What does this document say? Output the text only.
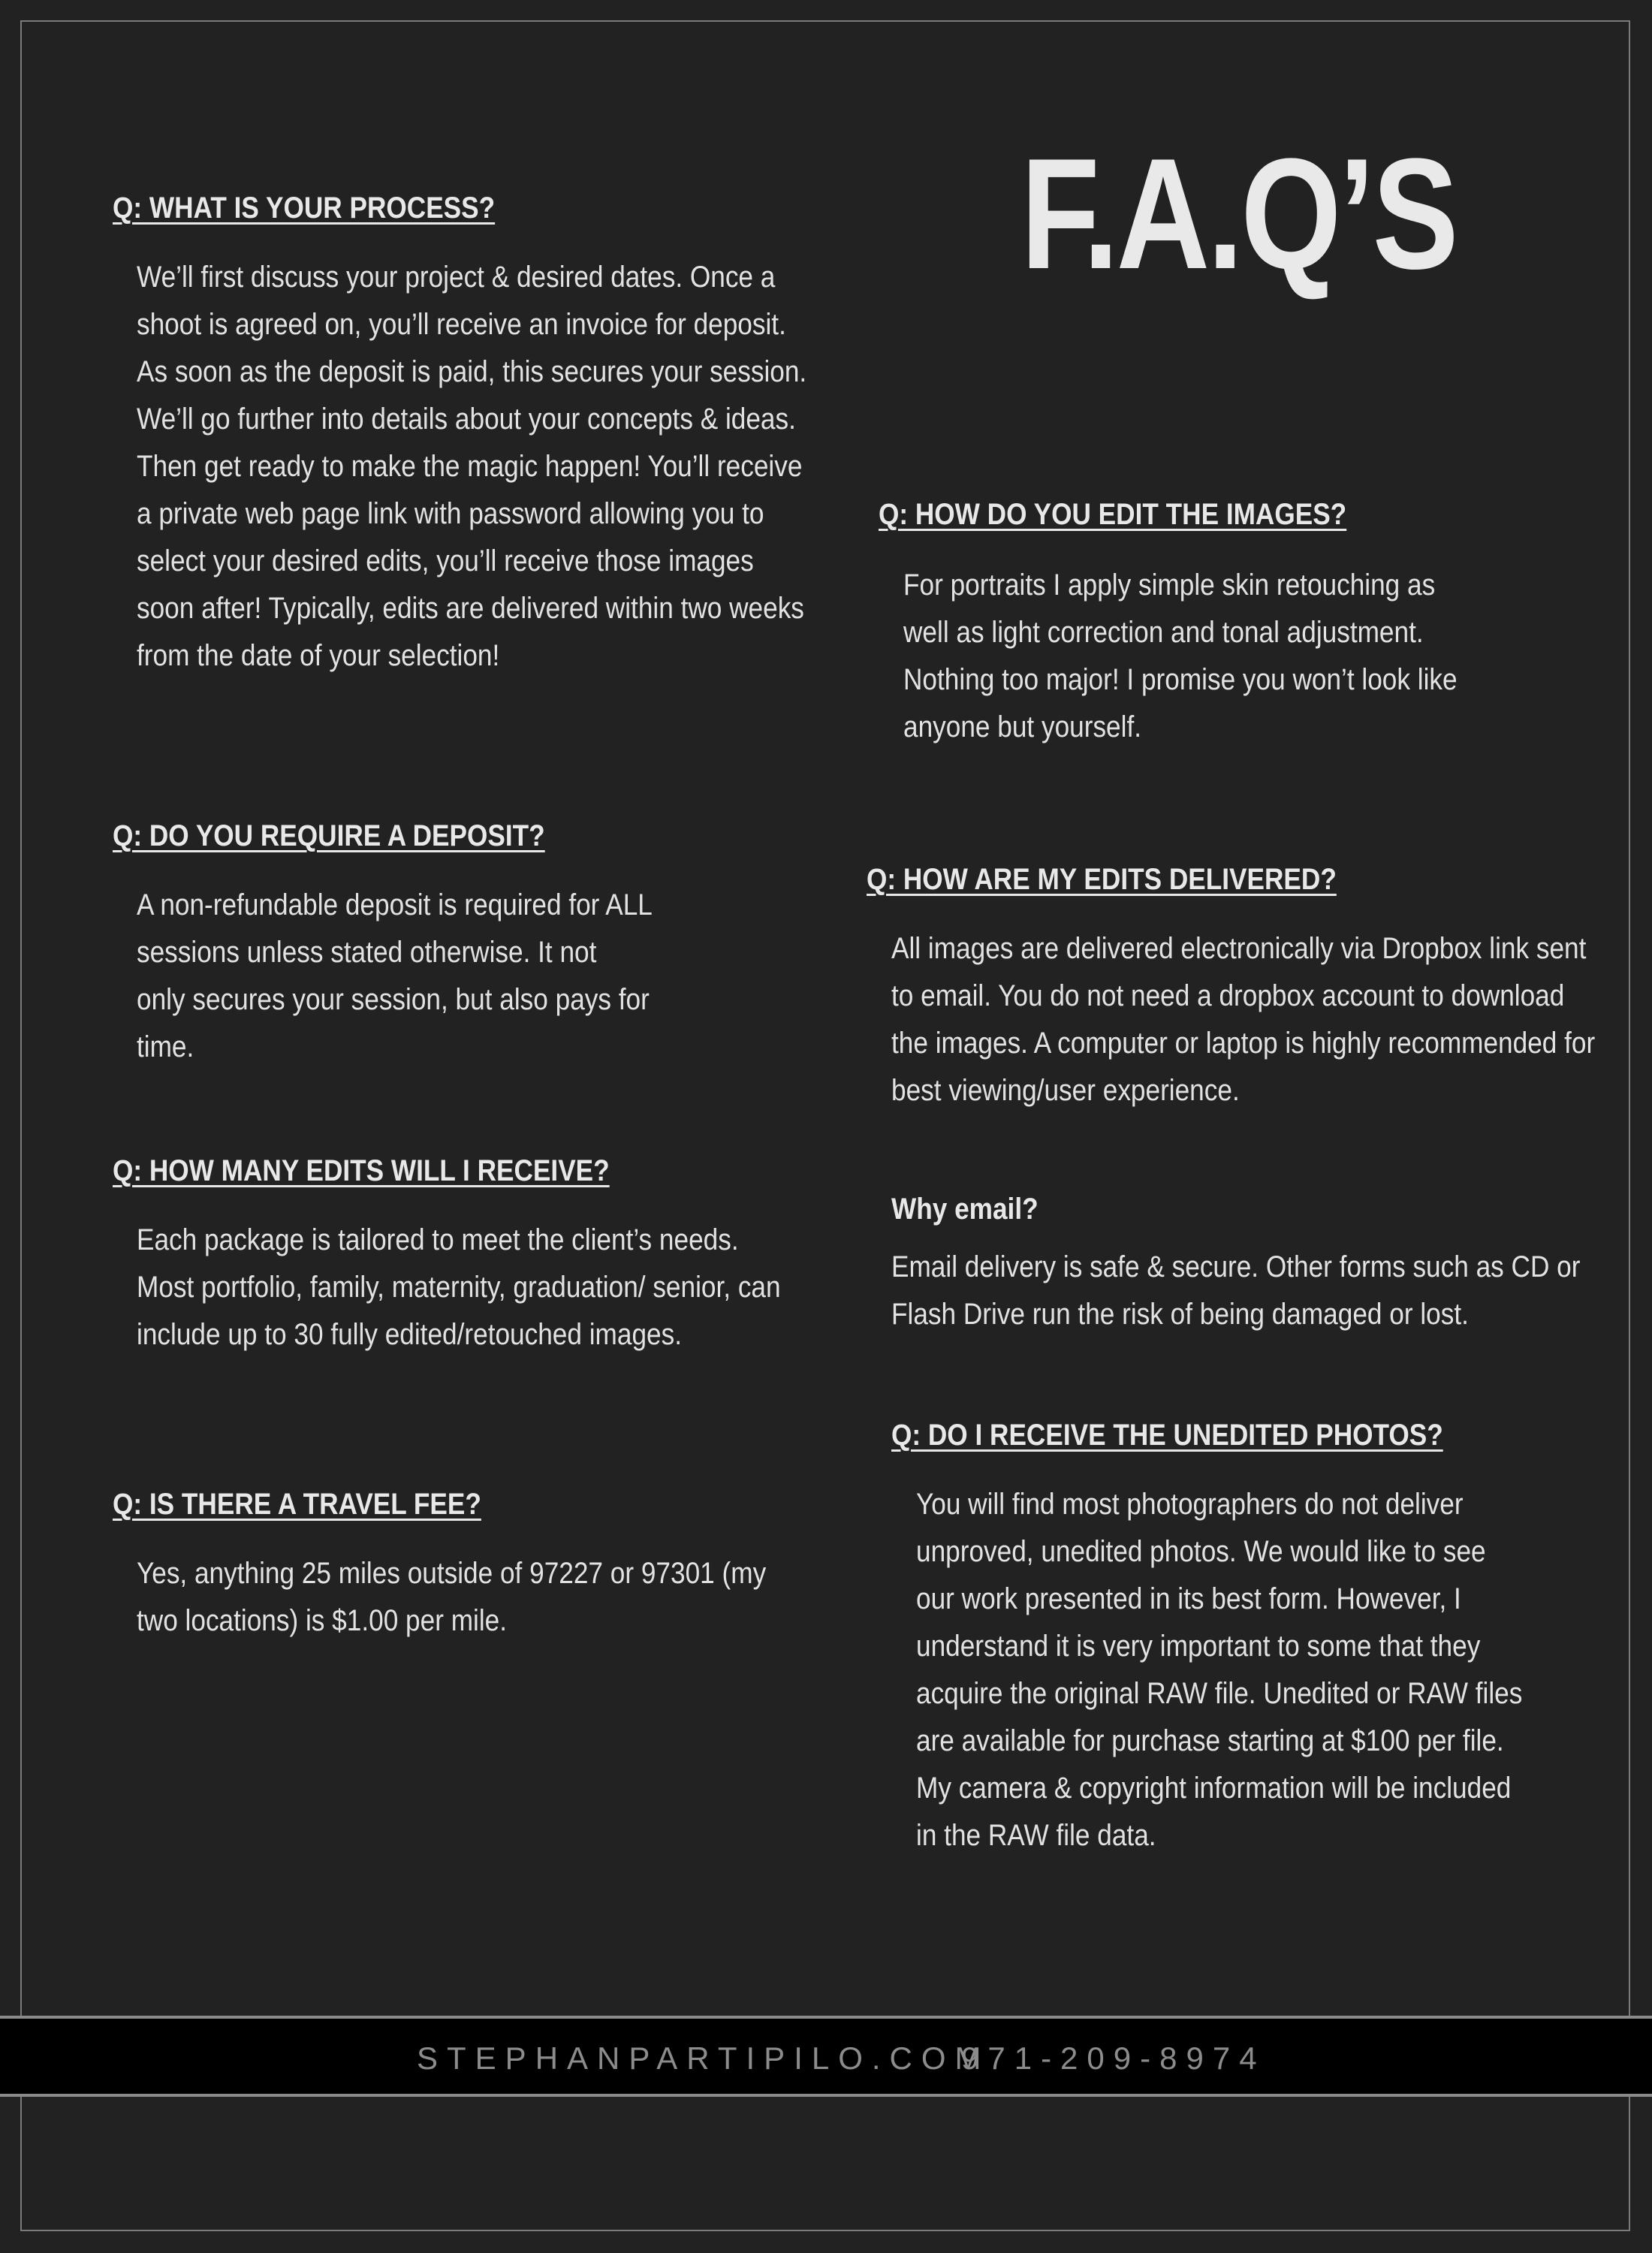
F.A.Q’S
Q: WHAT IS YOUR PROCESS?
We’ll first discuss your project & desired dates. Once a shoot is agreed on, you’ll receive an invoice for deposit. As soon as the deposit is paid, this secures your session. We’ll go further into details about your concepts & ideas. Then get ready to make the magic happen! You’ll receive a private web page link with password allowing you to select your desired edits, you’ll receive those images soon after! Typically, edits are delivered within two weeks from the date of your selection!
Q: DO YOU REQUIRE A DEPOSIT?
A non-refundable deposit is required for ALL sessions unless stated otherwise. It not only secures your session, but also pays for time.
Q: HOW MANY EDITS WILL I RECEIVE?
Each package is tailored to meet the client’s needs. Most portfolio, family, maternity, graduation/ senior, can include up to 30 fully edited/retouched images.
Q: IS THERE A TRAVEL FEE?
Yes, anything 25 miles outside of 97227 or 97301 (my two locations) is $1.00 per mile.
Q: HOW DO YOU EDIT THE IMAGES?
For portraits I apply simple skin retouching as well as light correction and tonal adjustment. Nothing too major! I promise you won’t look like anyone but yourself.
Q: HOW ARE MY EDITS DELIVERED?
All images are delivered electronically via Dropbox link sent to email. You do not need a dropbox account to download the images. A computer or laptop is highly recommended for best viewing/user experience.
Why email?
Email delivery is safe & secure. Other forms such as CD or Flash Drive run the risk of being damaged or lost.
Q: DO I RECEIVE THE UNEDITED PHOTOS?
You will find most photographers do not deliver unproved, unedited photos. We would like to see our work presented in its best form. However, I understand it is very important to some that they acquire the original RAW file. Unedited or RAW files are available for purchase starting at $100 per file. My camera & copyright information will be included in the RAW file data.
STEPHANPARTIPILO.COM
971-209-8974
